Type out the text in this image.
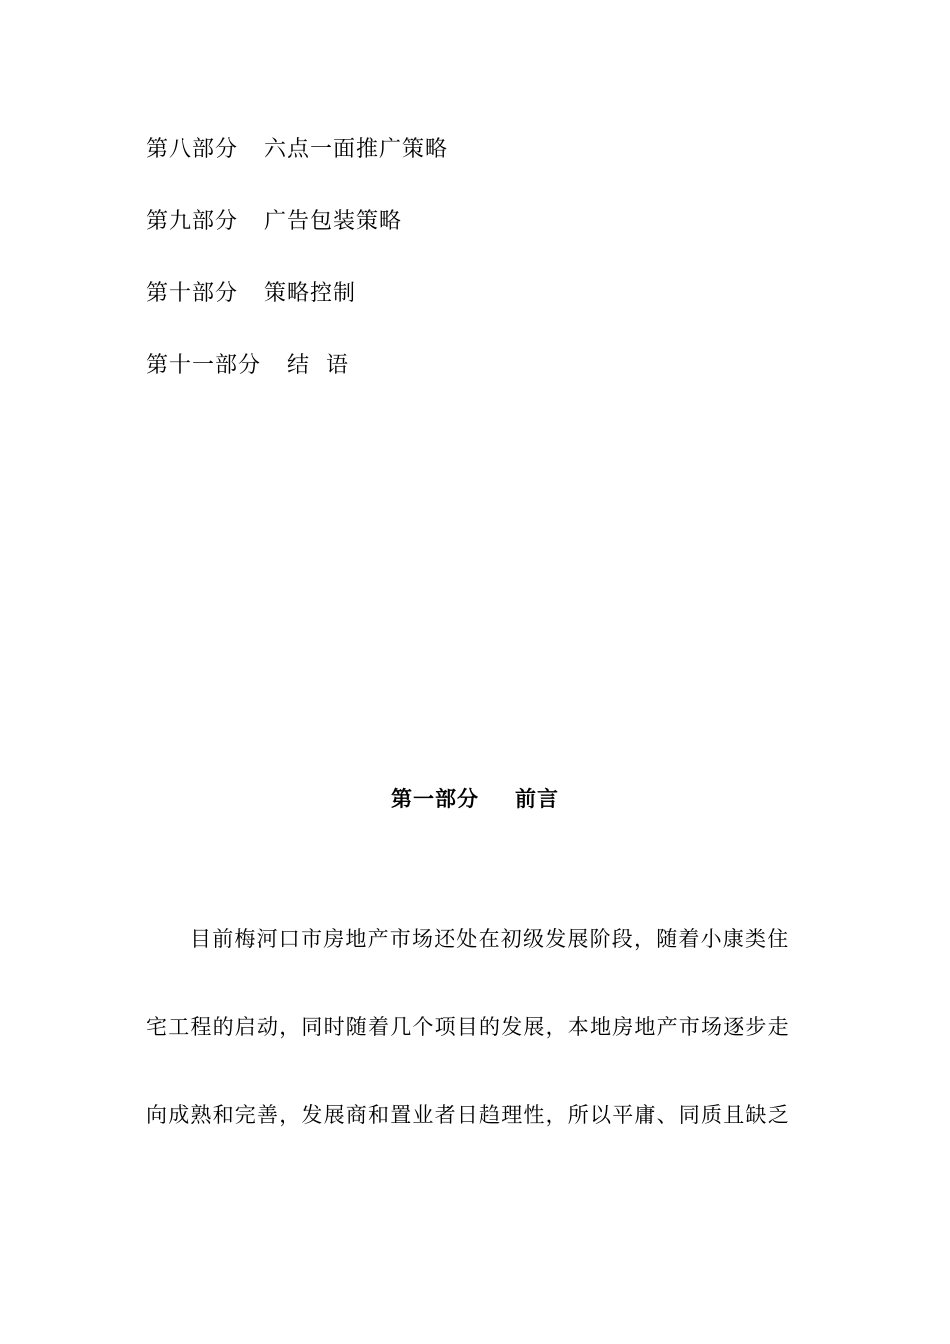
第八部分 六点一面推广策略
第九部分 广告包装策略
第十部分 策略控制
第十一部分 结  语
第一部分 前言
目前梅河口市房地产市场还处在初级发展阶段，随着小康类住
宅工程的启动，同时随着几个项目的发展，本地房地产市场逐步走
向成熟和完善，发展商和置业者日趋理性，所以平庸、同质且缺乏
